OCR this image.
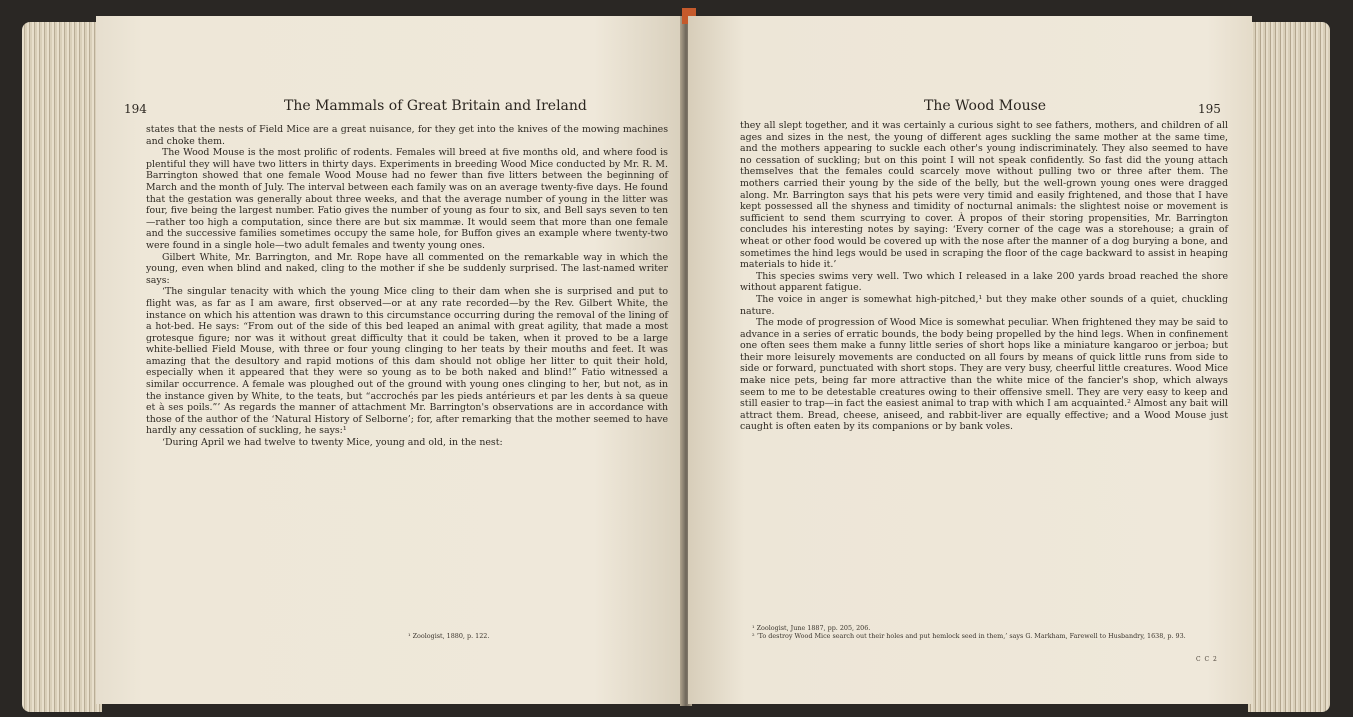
194	The Mammals of Great Britain and Ireland

states that the nests of Field Mice are a great nuisance, for they get into the knives of the mowing machines and choke them.

The Wood Mouse is the most prolific of rodents. Females will breed at five months old, and where food is plentiful they will have two litters in thirty days. Experiments in breeding Wood Mice conducted by Mr. R. M. Barrington showed that one female Wood Mouse had no fewer than five litters between the beginning of March and the month of July. The interval between each family was on an average twenty-five days. He found that the gestation was generally about three weeks, and that the average number of young in the litter was four, five being the largest number. Fatio gives the number of young as four to six, and Bell says seven to ten—rather too high a computation, since there are but six mammæ. It would seem that more than one female and the successive families sometimes occupy the same hole, for Buffon gives an example where twenty-two were found in a single hole—two adult females and twenty young ones.

Gilbert White, Mr. Barrington, and Mr. Rope have all commented on the remarkable way in which the young, even when blind and naked, cling to the mother if she be suddenly surprised. The last-named writer says:

‘The singular tenacity with which the young Mice cling to their dam when she is surprised and put to flight was, as far as I am aware, first observed—or at any rate recorded—by the Rev. Gilbert White, the instance on which his attention was drawn to this circumstance occurring during the removal of the lining of a hot-bed. He says: “From out of the side of this bed leaped an animal with great agility, that made a most grotesque figure; nor was it without great difficulty that it could be taken, when it proved to be a large white-bellied Field Mouse, with three or four young clinging to her teats by their mouths and feet. It was amazing that the desultory and rapid motions of this dam should not oblige her litter to quit their hold, especially when it appeared that they were so young as to be both naked and blind!” Fatio witnessed a similar occurrence. A female was ploughed out of the ground with young ones clinging to her, but not, as in the instance given by White, to the teats, but “accrochés par les pieds antérieurs et par les dents à sa queue et à ses poils.”’ As regards the manner of attachment Mr. Barrington's observations are in accordance with those of the author of the ‘Natural History of Selborne’; for, after remarking that the mother seemed to have hardly any cessation of suckling, he says:¹

‘During April we had twelve to twenty Mice, young and old, in the nest:

¹ Zoologist, 1880, p. 122.

The Wood Mouse	195

they all slept together, and it was certainly a curious sight to see fathers, mothers, and children of all ages and sizes in the nest, the young of different ages suckling the same mother at the same time, and the mothers appearing to suckle each other's young indiscriminately. They also seemed to have no cessation of suckling; but on this point I will not speak confidently. So fast did the young attach themselves that the females could scarcely move without pulling two or three after them. The mothers carried their young by the side of the belly, but the well-grown young ones were dragged along. Mr. Barrington says that his pets were very timid and easily frightened, and those that I have kept possessed all the shyness and timidity of nocturnal animals: the slightest noise or movement is sufficient to send them scurrying to cover. À propos of their storing propensities, Mr. Barrington concludes his interesting notes by saying: ‘Every corner of the cage was a storehouse; a grain of wheat or other food would be covered up with the nose after the manner of a dog burying a bone, and sometimes the hind legs would be used in scraping the floor of the cage backward to assist in heaping materials to hide it.’

This species swims very well. Two which I released in a lake 200 yards broad reached the shore without apparent fatigue.

The voice in anger is somewhat high-pitched,¹ but they make other sounds of a quiet, chuckling nature.

The mode of progression of Wood Mice is somewhat peculiar. When frightened they may be said to advance in a series of erratic bounds, the body being propelled by the hind legs. When in confinement one often sees them make a funny little series of short hops like a miniature kangaroo or jerboa; but their more leisurely movements are conducted on all fours by means of quick little runs from side to side or forward, punctuated with short stops. They are very busy, cheerful little creatures. Wood Mice make nice pets, being far more attractive than the white mice of the fancier's shop, which always seem to me to be detestable creatures owing to their offensive smell. They are very easy to keep and still easier to trap—in fact the easiest animal to trap with which I am acquainted.² Almost any bait will attract them. Bread, cheese, aniseed, and rabbit-liver are equally effective; and a Wood Mouse just caught is often eaten by its companions or by bank voles.

¹ Zoologist, June 1887, pp. 205, 206.

² ‘To destroy Wood Mice search out their holes and put hemlock seed in them,’ says G. Markham, Farewell to Husbandry, 1638, p. 93.

C C 2
